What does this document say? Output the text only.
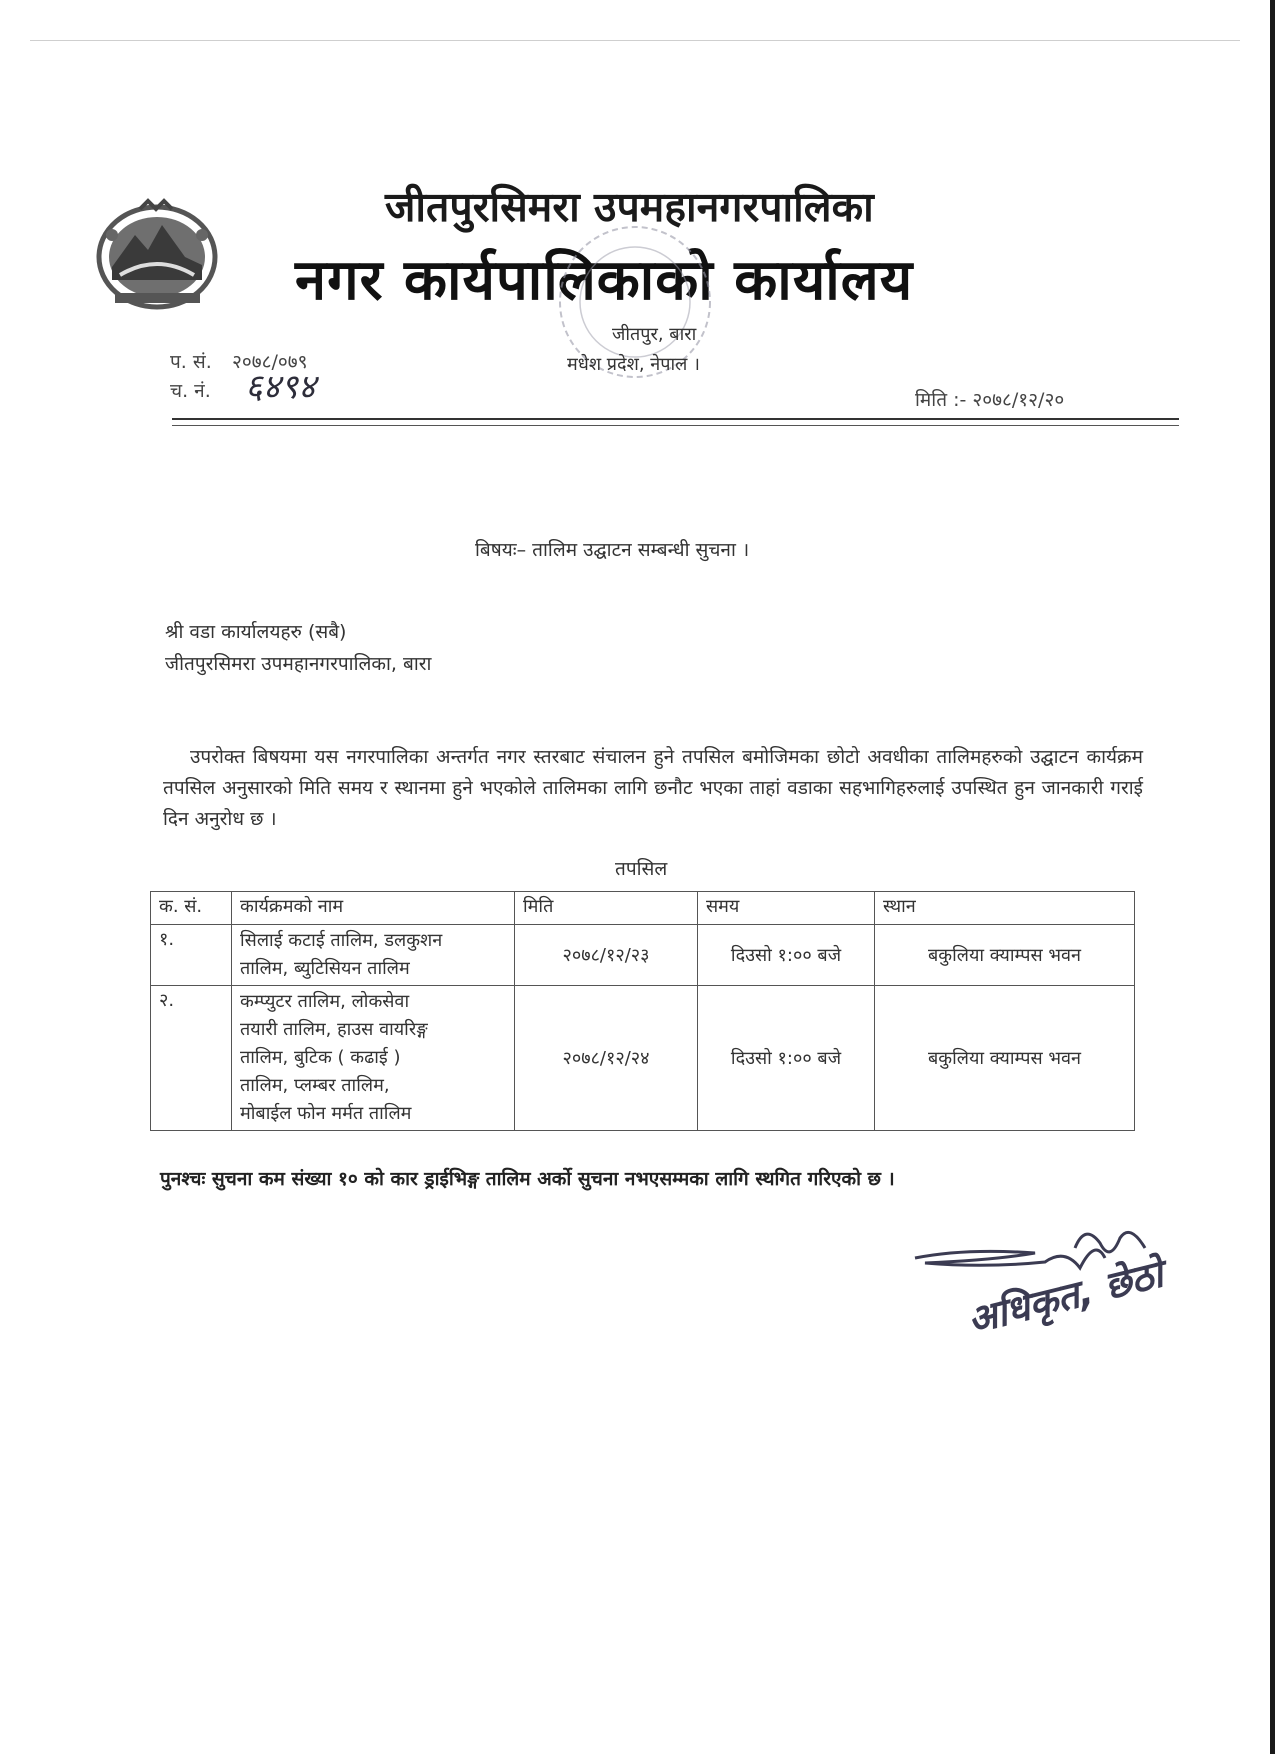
जीतपुरसिमरा उपमहानगरपालिका
नगर कार्यपालिकाको कार्यालय
जीतपुर, बारा
मधेश प्रदेश, नेपाल ।
प. सं. २०७८/०७९
च. नं.	६४९४	मिति :- २०७८/१२/२०
बिषयः– तालिम उद्घाटन सम्बन्धी सुचना ।
श्री वडा कार्यालयहरु (सबै)
जीतपुरसिमरा उपमहानगरपालिका, बारा
उपरोक्त बिषयमा यस नगरपालिका अन्तर्गत नगर स्तरबाट संचालन हुने तपसिल बमोजिमका छोटो अवधीका तालिमहरुको उद्घाटन कार्यक्रम तपसिल अनुसारको मिति समय र स्थानमा हुने भएकोले तालिमका लागि छनौट भएका ताहां वडाका सहभागिहरुलाई उपस्थित हुन जानकारी गराई दिन अनुरोध छ ।
तपसिल
क. सं.	कार्यक्रमको नाम	मिति	समय	स्थान
१.	सिलाई कटाई तालिम, डलकुशन
तालिम, ब्युटिसियन तालिम	२०७८/१२/२३	दिउसो १:०० बजे	बकुलिया क्याम्पस भवन
२.	कम्प्युटर तालिम, लोकसेवा
तयारी तालिम, हाउस वायरिङ्ग
तालिम, बुटिक ( कढाई )
तालिम, प्लम्बर तालिम,
मोबाईल फोन मर्मत तालिम	२०७८/१२/२४	दिउसो १:०० बजे	बकुलिया क्याम्पस भवन
पुनश्चः सुचना कम संख्या १० को कार ड्राईभिङ्ग तालिम अर्को सुचना नभएसम्मका लागि स्थगित गरिएको छ ।
अधिकृत, छेठो
